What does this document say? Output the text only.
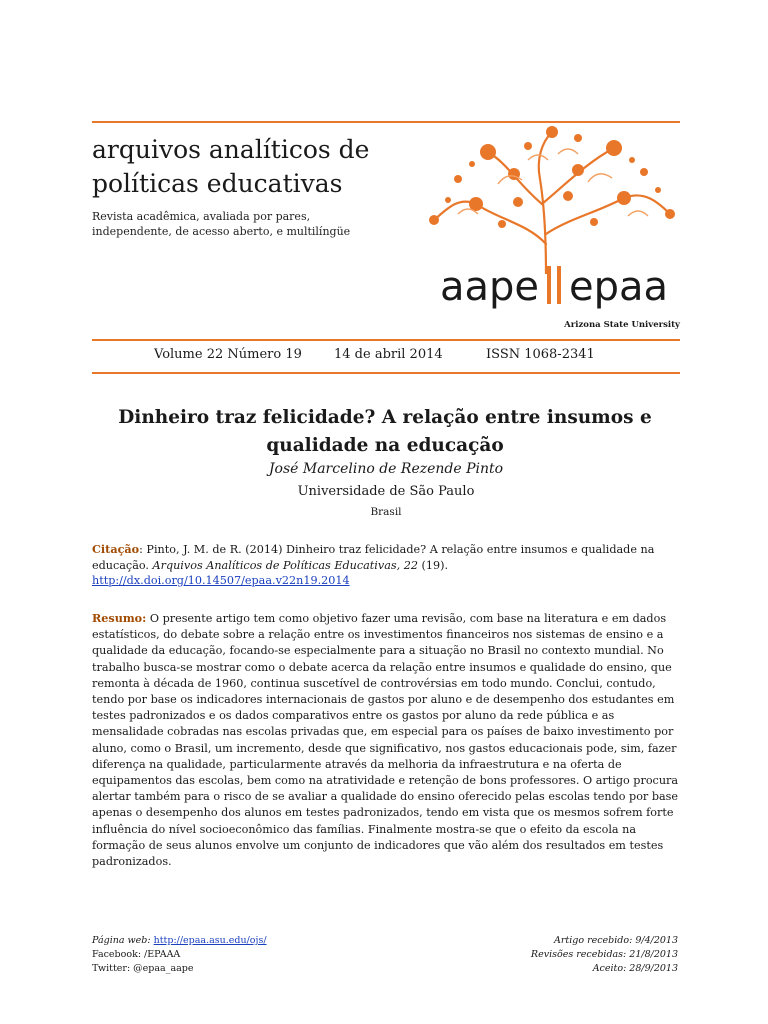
arquivos analíticos de políticas educativas
Revista acadêmica, avaliada por pares, independente, de acesso aberto, e multilíngüe
aape epaa
Arizona State University
Volume 22 Número 19 14 de abril 2014	ISSN 1068-2341
Dinheiro traz felicidade? A relação entre insumos e qualidade na educação
José Marcelino de Rezende Pinto
Universidade de São Paulo
Brasil
Citação: Pinto, J. M. de R. (2014) Dinheiro traz felicidade? A relação entre insumos e qualidade na educação. Arquivos Analíticos de Políticas Educativas, 22 (19).
http://dx.doi.org/10.14507/epaa.v22n19.2014
Resumo: O presente artigo tem como objetivo fazer uma revisão, com base na literatura e em dados estatísticos, do debate sobre a relação entre os investimentos financeiros nos sistemas de ensino e a qualidade da educação, focando-se especialmente para a situação no Brasil no contexto mundial. No trabalho busca-se mostrar como o debate acerca da relação entre insumos e qualidade do ensino, que remonta à década de 1960, continua suscetível de controvérsias em todo mundo. Conclui, contudo, tendo por base os indicadores internacionais de gastos por aluno e de desempenho dos estudantes em testes padronizados e os dados comparativos entre os gastos por aluno da rede pública e as mensalidade cobradas nas escolas privadas que, em especial para os países de baixo investimento por aluno, como o Brasil, um incremento, desde que significativo, nos gastos educacionais pode, sim, fazer diferença na qualidade, particularmente através da melhoria da infraestrutura e na oferta de equipamentos das escolas, bem como na atratividade e retenção de bons professores. O artigo procura alertar também para o risco de se avaliar a qualidade do ensino oferecido pelas escolas tendo por base apenas o desempenho dos alunos em testes padronizados, tendo em vista que os mesmos sofrem forte influência do nível socioeconômico das famílias. Finalmente mostra-se que o efeito da escola na formação de seus alunos envolve um conjunto de indicadores que vão além dos resultados em testes padronizados.
Página web: http://epaa.asu.edu/ojs/
Facebook: /EPAAA
Twitter: @epaa_aape
Artigo recebido: 9/4/2013
Revisões recebidas: 21/8/2013
Aceito: 28/9/2013
